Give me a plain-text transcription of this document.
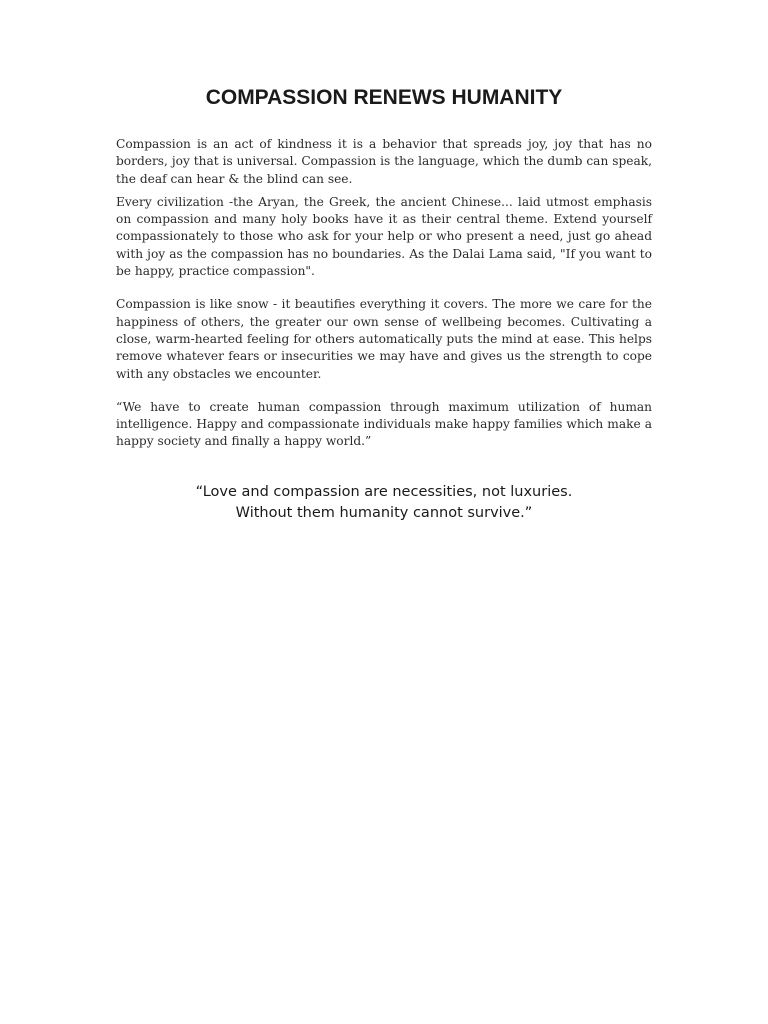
COMPASSION RENEWS HUMANITY

Compassion is an act of kindness it is a behavior that spreads joy, joy that has no borders, joy that is universal. Compassion is the language, which the dumb can speak, the deaf can hear & the blind can see.

Every civilization -the Aryan, the Greek, the ancient Chinese... laid utmost emphasis on compassion and many holy books have it as their central theme. Extend yourself compassionately to those who ask for your help or who present a need, just go ahead with joy as the compassion has no boundaries. As the Dalai Lama said, "If you want to be happy, practice compassion".

Compassion is like snow - it beautifies everything it covers. The more we care for the happiness of others, the greater our own sense of wellbeing becomes. Cultivating a close, warm-hearted feeling for others automatically puts the mind at ease. This helps remove whatever fears or insecurities we may have and gives us the strength to cope with any obstacles we encounter.

“We have to create human compassion through maximum utilization of human intelligence. Happy and compassionate individuals make happy families which make a happy society and finally a happy world.”

“Love and compassion are necessities, not luxuries.
Without them humanity cannot survive.”
